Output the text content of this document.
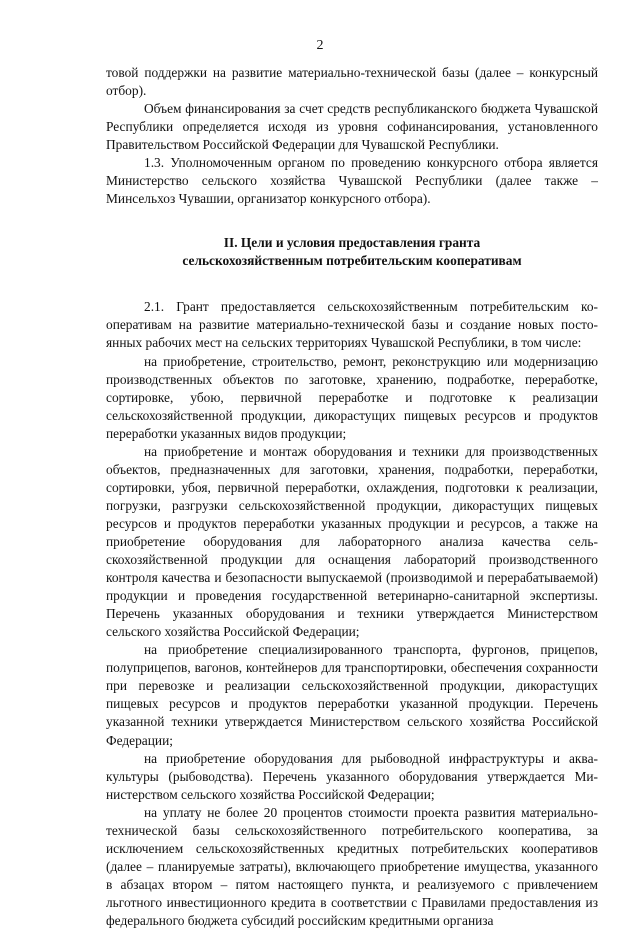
2

товой поддержки на развитие материально-технической базы (далее – конкурсный отбор).

Объем финансирования за счет средств республиканского бюджета Чувашской Республики определяется исходя из уровня софинансирования, установленного Правительством Российской Федерации для Чувашской Республики.

1.3. Уполномоченным органом по проведению конкурсного отбора является Министерство сельского хозяйства Чувашской Республики (далее также – Минсельхоз Чувашии, организатор конкурсного отбора).

II. Цели и условия предоставления гранта
сельскохозяйственным потребительским кооперативам

2.1. Грант предоставляется сельскохозяйственным потребительским кооперативам на развитие материально-технической базы и создание новых постоянных рабочих мест на сельских территориях Чувашской Республики, в том числе:

на приобретение, строительство, ремонт, реконструкцию или модернизацию производственных объектов по заготовке, хранению, подработке, переработке, сортировке, убою, первичной переработке и подготовке к реализации сельскохозяйственной продукции, дикорастущих пищевых ресурсов и продуктов переработки указанных видов продукции;

на приобретение и монтаж оборудования и техники для производственных объектов, предназначенных для заготовки, хранения, подработки, переработки, сортировки, убоя, первичной переработки, охлаждения, подготовки к реализации, погрузки, разгрузки сельскохозяйственной продукции, дикорастущих пищевых ресурсов и продуктов переработки указанных продукции и ресурсов, а также на приобретение оборудования для лабораторного анализа качества сельскохозяйственной продукции для оснащения лабораторий производственного контроля качества и безопасности выпускаемой (производимой и перерабатываемой) продукции и проведения государственной ветеринарно-санитарной экспертизы. Перечень указанных оборудования и техники утверждается Министерством сельского хозяйства Российской Федерации;

на приобретение специализированного транспорта, фургонов, прицепов, полуприцепов, вагонов, контейнеров для транспортировки, обеспечения сохранности при перевозке и реализации сельскохозяйственной продукции, дикорастущих пищевых ресурсов и продуктов переработки указанной продукции. Перечень указанной техники утверждается Министерством сельского хозяйства Российской Федерации;

на приобретение оборудования для рыбоводной инфраструктуры и аквакультуры (рыбоводства). Перечень указанного оборудования утверждается Министерством сельского хозяйства Российской Федерации;

на уплату не более 20 процентов стоимости проекта развития материально-технической базы сельскохозяйственного потребительского кооператива, за исключением сельскохозяйственных кредитных потребительских кооперативов (далее – планируемые затраты), включающего приобретение имущества, указанного в абзацах втором – пятом настоящего пункта, и реализуемого с привлечением льготного инвестиционного кредита в соответствии с Правилами предоставления из федерального бюджета субсидий российским кредитными организа
